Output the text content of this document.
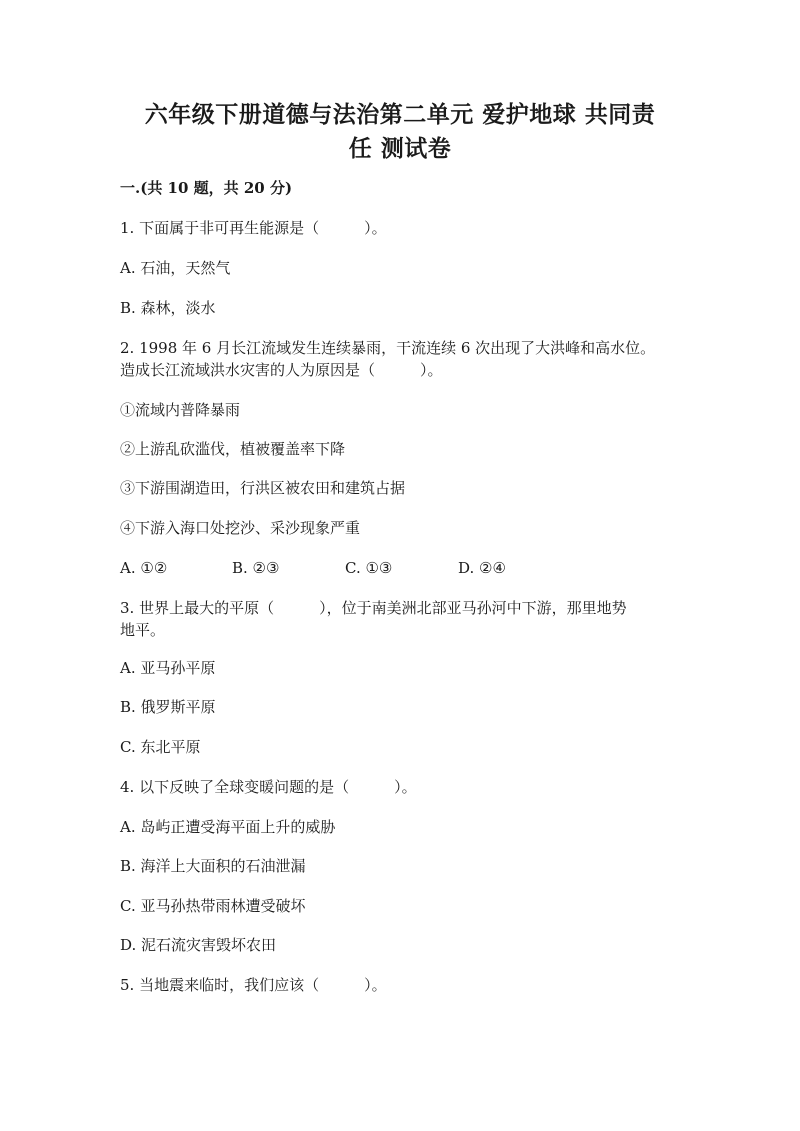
六年级下册道德与法治第二单元 爱护地球 共同责
任 测试卷
一.(共 10 题，共 20 分)
1. 下面属于非可再生能源是（　　　）。
A. 石油，天然气
B. 森林，淡水
2. 1998 年 6 月长江流域发生连续暴雨，干流连续 6 次出现了大洪峰和高水位。
造成长江流域洪水灾害的人为原因是（　　　）。
①流域内普降暴雨
②上游乱砍滥伐，植被覆盖率下降
③下游围湖造田，行洪区被农田和建筑占据
④下游入海口处挖沙、采沙现象严重
A. ①②	B. ②③	C. ①③	D. ②④
3. 世界上最大的平原（　　　），位于南美洲北部亚马孙河中下游，那里地势
地平。
A. 亚马孙平原
B. 俄罗斯平原
C. 东北平原
4. 以下反映了全球变暖问题的是（　　　）。
A. 岛屿正遭受海平面上升的威胁
B. 海洋上大面积的石油泄漏
C. 亚马孙热带雨林遭受破坏
D. 泥石流灾害毁坏农田
5. 当地震来临时，我们应该（　　　）。
